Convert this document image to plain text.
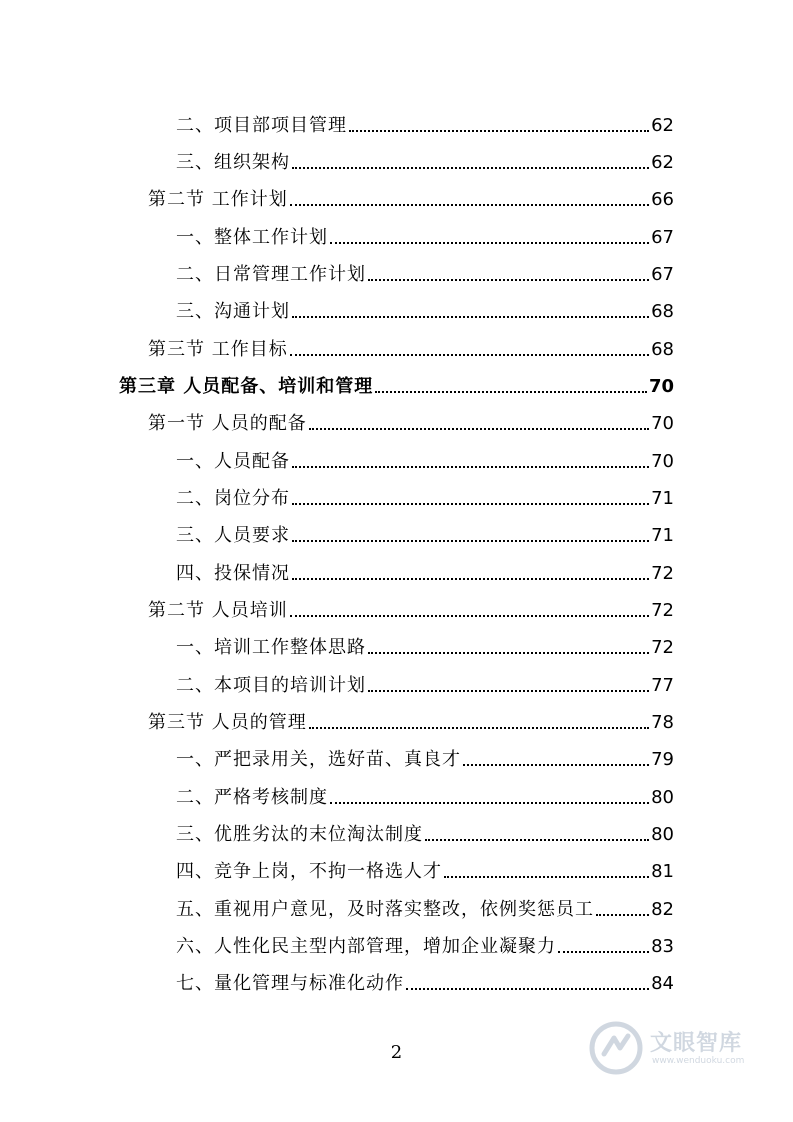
二、项目部项目管理	62
三、组织架构	62
第二节 工作计划	66
一、整体工作计划	67
二、日常管理工作计划	67
三、沟通计划	68
第三节 工作目标	68
第三章 人员配备、培训和管理	70
第一节 人员的配备	70
一、人员配备	70
二、岗位分布	71
三、人员要求	71
四、投保情况	72
第二节 人员培训	72
一、培训工作整体思路	72
二、本项目的培训计划	77
第三节 人员的管理	78
一、严把录用关，选好苗、真良才	79
二、严格考核制度	80
三、优胜劣汰的末位淘汰制度	80
四、竞争上岗，不拘一格选人才	81
五、重视用户意见，及时落实整改，依例奖惩员工	82
六、人性化民主型内部管理，增加企业凝聚力	83
七、量化管理与标准化动作	84
2	文眼智库
www.wenduoku.com
